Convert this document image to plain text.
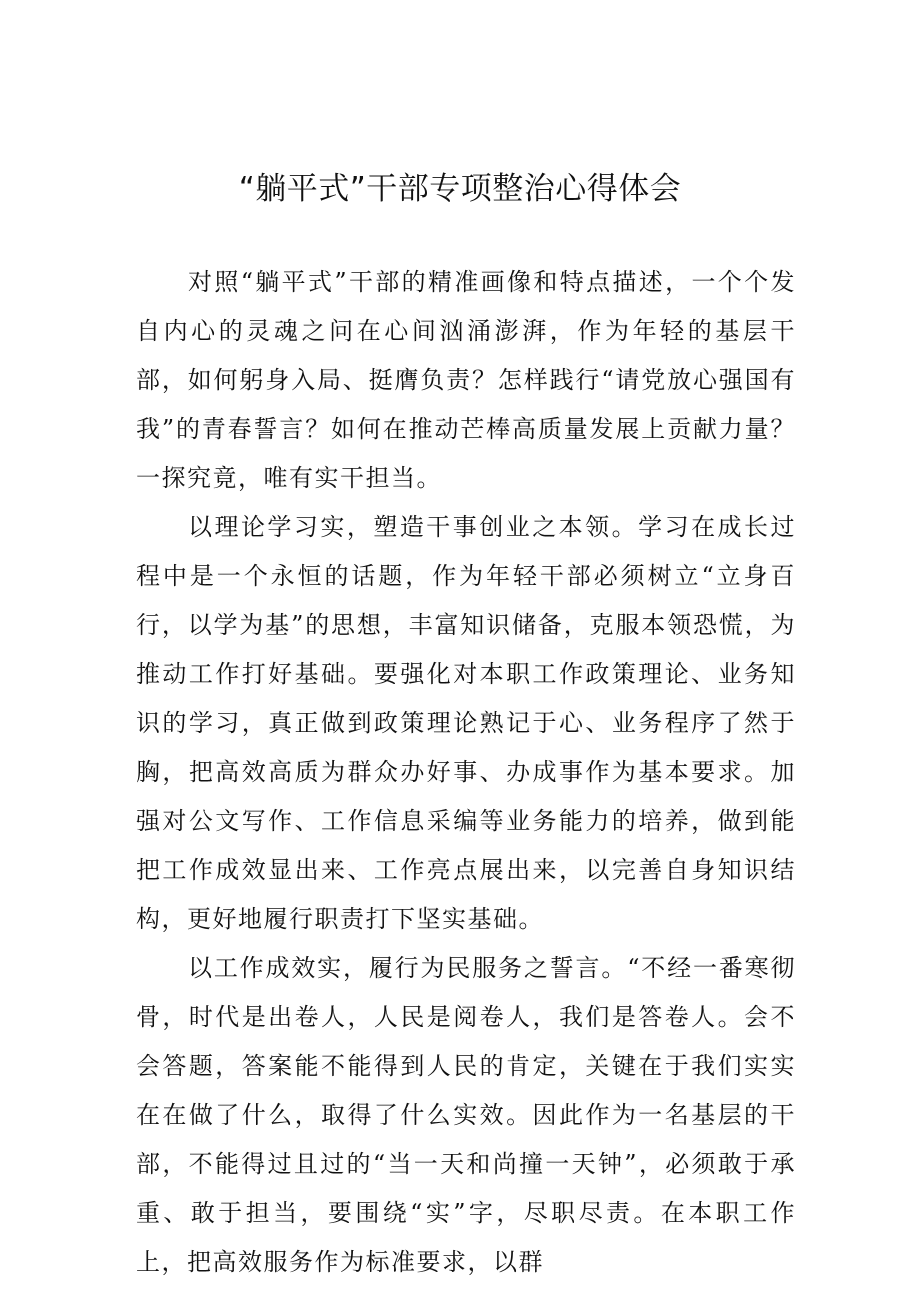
“躺平式”干部专项整治心得体会

对照“躺平式”干部的精准画像和特点描述，一个个发自内心的灵魂之问在心间汹涌澎湃，作为年轻的基层干部，如何躬身入局、挺膺负责？怎样践行“请党放心强国有我”的青春誓言？如何在推动芒棒高质量发展上贡献力量？一探究竟，唯有实干担当。

以理论学习实，塑造干事创业之本领。学习在成长过程中是一个永恒的话题，作为年轻干部必须树立“立身百行，以学为基”的思想，丰富知识储备，克服本领恐慌，为推动工作打好基础。要强化对本职工作政策理论、业务知识的学习，真正做到政策理论熟记于心、业务程序了然于胸，把高效高质为群众办好事、办成事作为基本要求。加强对公文写作、工作信息采编等业务能力的培养，做到能把工作成效显出来、工作亮点展出来，以完善自身知识结构，更好地履行职责打下坚实基础。

以工作成效实，履行为民服务之誓言。“不经一番寒彻骨，时代是出卷人，人民是阅卷人，我们是答卷人。会不会答题，答案能不能得到人民的肯定，关键在于我们实实在在做了什么，取得了什么实效。因此作为一名基层的干部，不能得过且过的“当一天和尚撞一天钟”，必须敢于承重、敢于担当，要围绕“实”字，尽职尽责。在本职工作上，把高效服务作为标准要求，以群
